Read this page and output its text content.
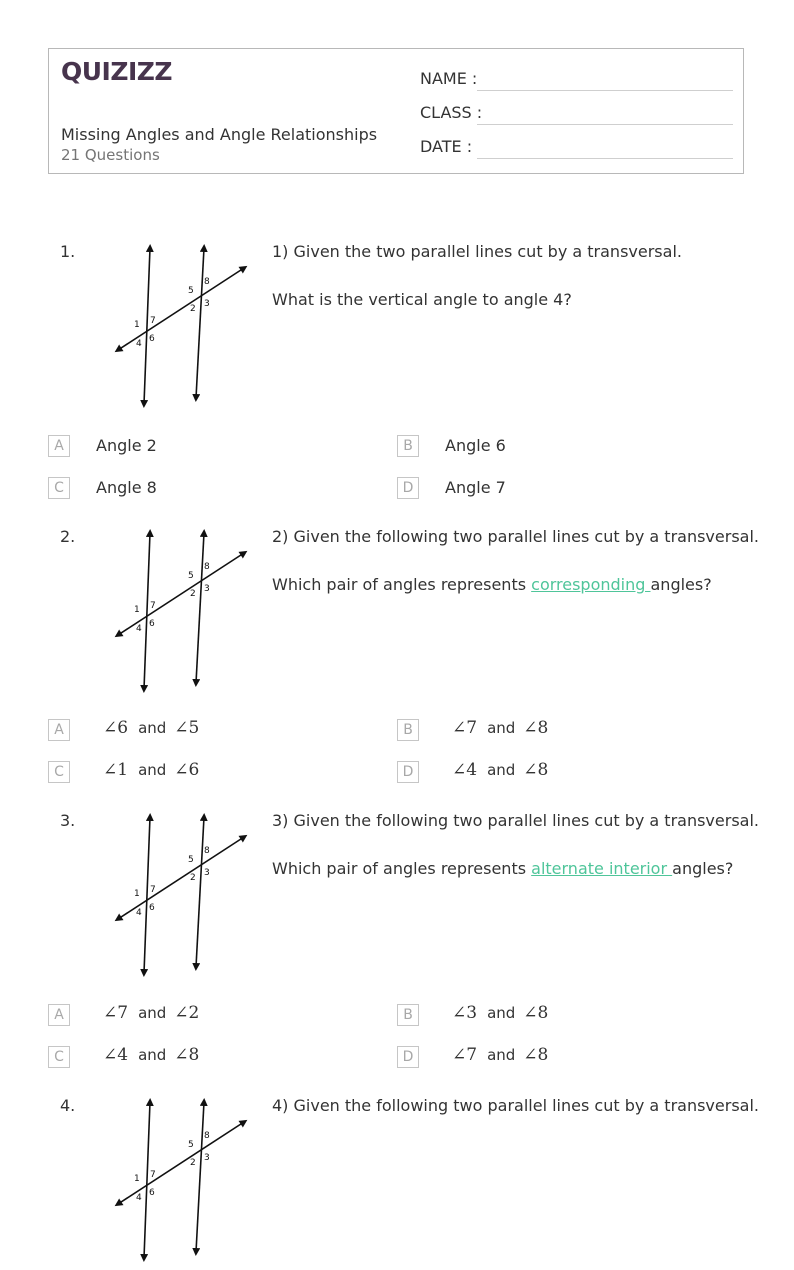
QUIZIZZ
Missing Angles and Angle Relationships
21 Questions
NAME :
CLASS :
DATE :
1.
5
8
2 3
1 7
4 6
1) Given the two parallel lines cut by a transversal.
What is the vertical angle to angle 4?
A	Angle 2	B	Angle 6
C	Angle 8	D	Angle 7
2.
5
8
2 3
1 7
4 6
2) Given the following two parallel lines cut by a transversal.
Which pair of angles represents corresponding angles?
A	∠6 and ∠5	B	∠7 and ∠8
C	∠1 and ∠6	D	∠4 and ∠8
3.
5
8
2 3
1 7
4 6
3) Given the following two parallel lines cut by a transversal.
Which pair of angles represents alternate interior angles?
A	∠7 and ∠2	B	∠3 and ∠8
C	∠4 and ∠8	D	∠7 and ∠8
4.
5
8
2 3
1 7
4 6
4) Given the following two parallel lines cut by a transversal.
